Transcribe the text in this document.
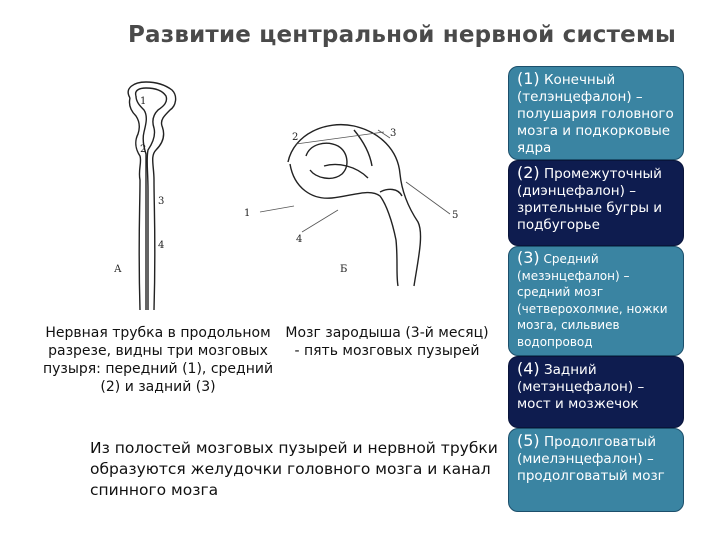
Развитие центральной нервной системы
1
2
3
4
А
1
2	3
4
5
Б
Нервная трубка в продольном разрезе, видны три мозговых пузыря: передний (1), средний (2) и задний (3)
Мозг зародыша (3-й месяц) - пять мозговых пузырей
Из полостей мозговых пузырей и нервной трубки образуются желудочки головного мозга и канал спинного мозга
(1) Конечный (телэнцефалон) – полушария головного мозга и подкорковые ядра
(2) Промежуточный (диэнцефалон) – зрительные бугры и подбугорье
(3) Средний (мезэнцефалон) – средний мозг (четверохолмие, ножки мозга, сильвиев водопровод
(4) Задний (метэнцефалон) – мост и мозжечок
(5) Продолговатый (миелэнцефалон) – продолговатый мозг
